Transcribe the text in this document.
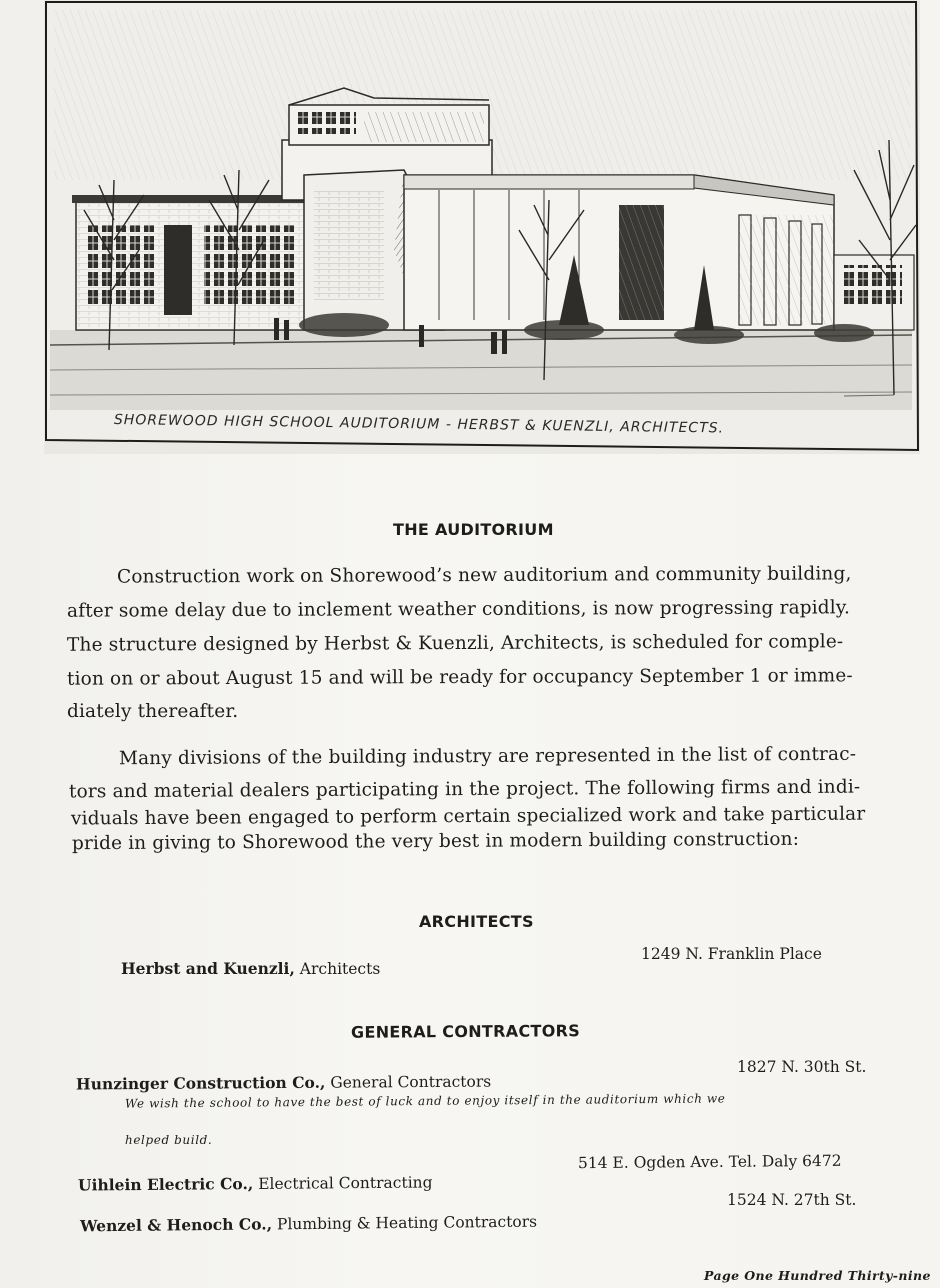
SHOREWOOD HIGH SCHOOL AUDITORIUM - HERBST & KUENZLI, ARCHITECTS.
THE AUDITORIUM
Construction work on Shorewood’s new auditorium and community building,
after some delay due to inclement weather conditions, is now progressing rapidly.
The structure designed by Herbst & Kuenzli, Architects, is scheduled for comple-
tion on or about August 15 and will be ready for occupancy September 1 or imme-
diately thereafter.
Many divisions of the building industry are represented in the list of contrac-
tors and material dealers participating in the project. The following firms and indi-
viduals have been engaged to perform certain specialized work and take particular
pride in giving to Shorewood the very best in modern building construction:
ARCHITECTS
Herbst and Kuenzli, Architects
1249 N. Franklin Place
GENERAL CONTRACTORS
1827 N. 30th St.
Hunzinger Construction Co., General Contractors
We wish the school to have the best of luck and to enjoy itself in the auditorium which we
helped build.
514 E. Ogden Ave. Tel. Daly 6472
Uihlein Electric Co., Electrical Contracting
1524 N. 27th St.
Wenzel & Henoch Co., Plumbing & Heating Contractors
Page One Hundred Thirty-nine
